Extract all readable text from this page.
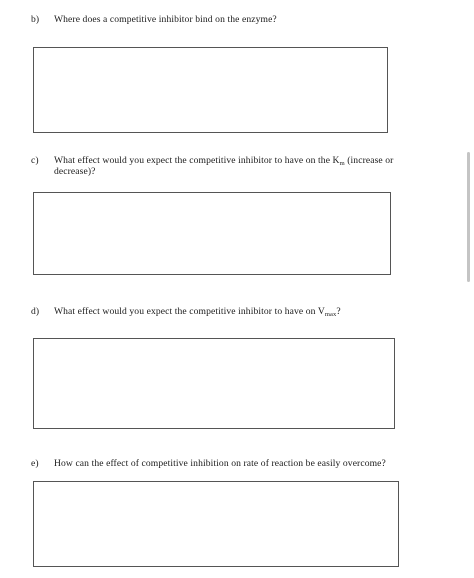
b) Where does a competitive inhibitor bind on the enzyme?
c) What effect would you expect the competitive inhibitor to have on the $K_m$ (increase or decrease)?
d) What effect would you expect the competitive inhibitor to have on $V_{max}$?
e) How can the effect of competitive inhibition on rate of reaction be easily overcome?
